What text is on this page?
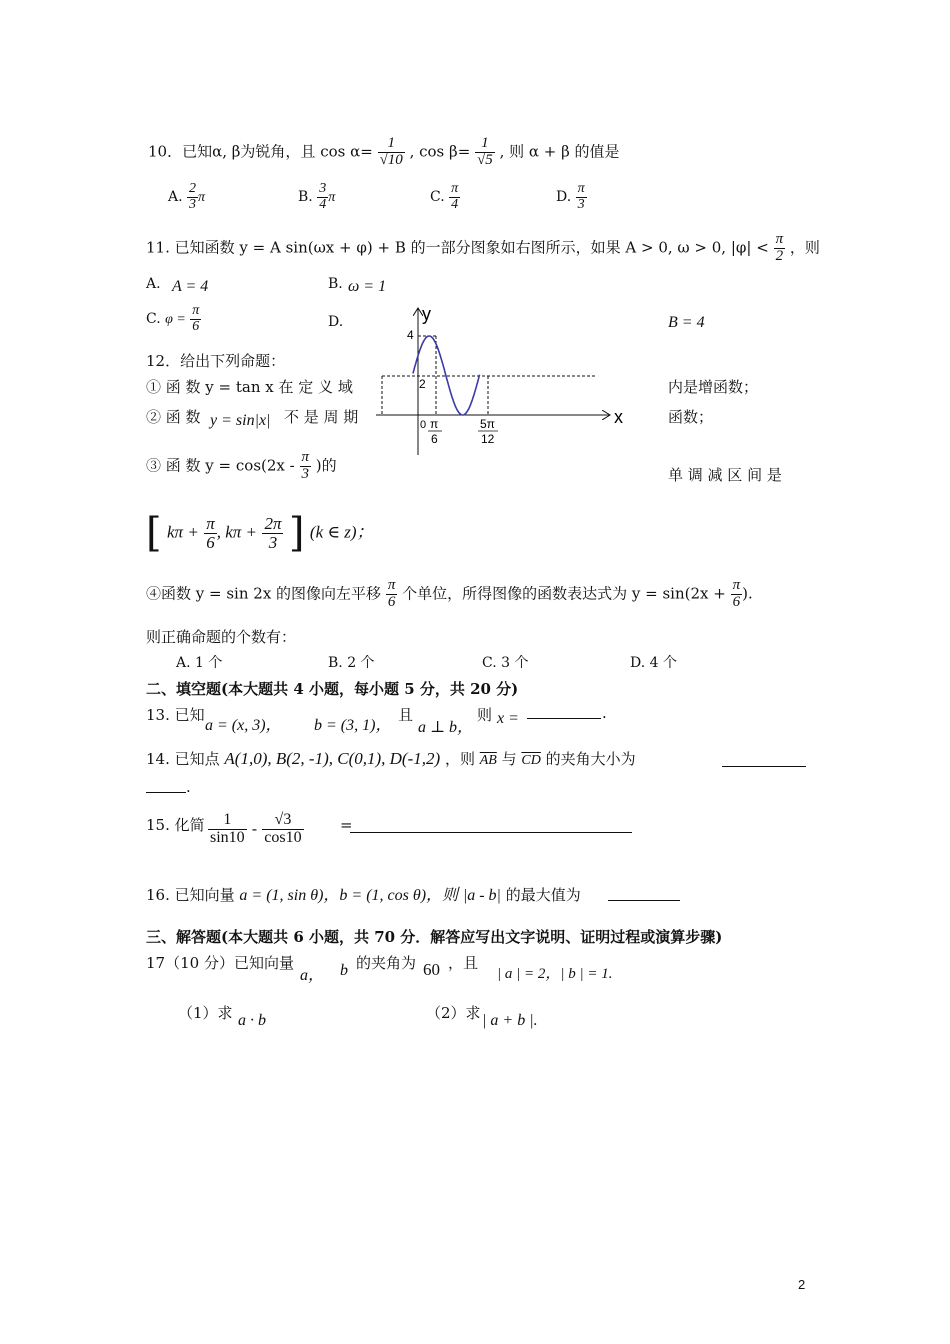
10．已知α, β为锐角，且 $\cos \alpha= \frac{1}{√10}$ , $\cos \beta= \frac{1}{√5}$ , 则 α + β 的值是
A. $\frac{2}{3}$ π	B. $\frac{3}{4}$ π	C. $\frac{\pi}{4}$	D. $\frac{\pi}{3}$
11. 已知函数 y = A sin(ωx + φ) + B 的一部分图象如右图所示，如果 A > 0, ω > 0, $|\varphi| < \frac{\pi}{2}$ ，则
A. A = 4	B. ω = 1
C. $\varphi = \frac{\pi}{6}$	D.	B = 4
y
x
4
2
0 π
6
5π
12
12．给出下列命题：
① 函 数 y = tan x 在 定 义 域	内是增函数；
② 函 数 y = sin|x| 不 是 周 期	函数；
③ 函 数 $y = \cos(2x - \frac{\pi}{3}$ )的
单 调 减 区 间 是
[ $k\pi + \frac{\pi}{6}$ , $k\pi + \frac{2\pi}{3}$ ] (k ∈ z)；
④函数 y = sin 2x 的图像向左平移 $\frac{\pi}{6}$ 个单位，所得图像的函数表达式为 $y = \sin(2x + \frac{\pi}{6}$ ).
则正确命题的个数有：
A. 1 个	B. 2 个	C. 3 个	D. 4 个
二、填空题(本大题共 4 小题，每小题 5 分，共 20 分)
13. 已知
a = (x, 3)， b = (3, 1)，
且
a ⊥ b，
则 x =	.
14. 已知点 A(1,0), B(2, -1), C(0,1), D(-1,2) ，则 $\overline{AB}$ 与 $\overline{CD}$ 的夹角大小为
.
15. 化简 $\frac{1}{\sin 10} - \frac{√3}{\cos 10}$ =
16. 已知向量 a = (1, sin θ)，b = (1, cos θ)，则 |a - b| 的最大值为
三、解答题(本大题共 6 小题，共 70 分．解答应写出文字说明、证明过程或演算步骤)
17（10 分）已知向量
a， b 的夹角为 60 ，且
| a | = 2，| b | = 1.
（1）求 a · b	（2）求 | a + b |.
2
